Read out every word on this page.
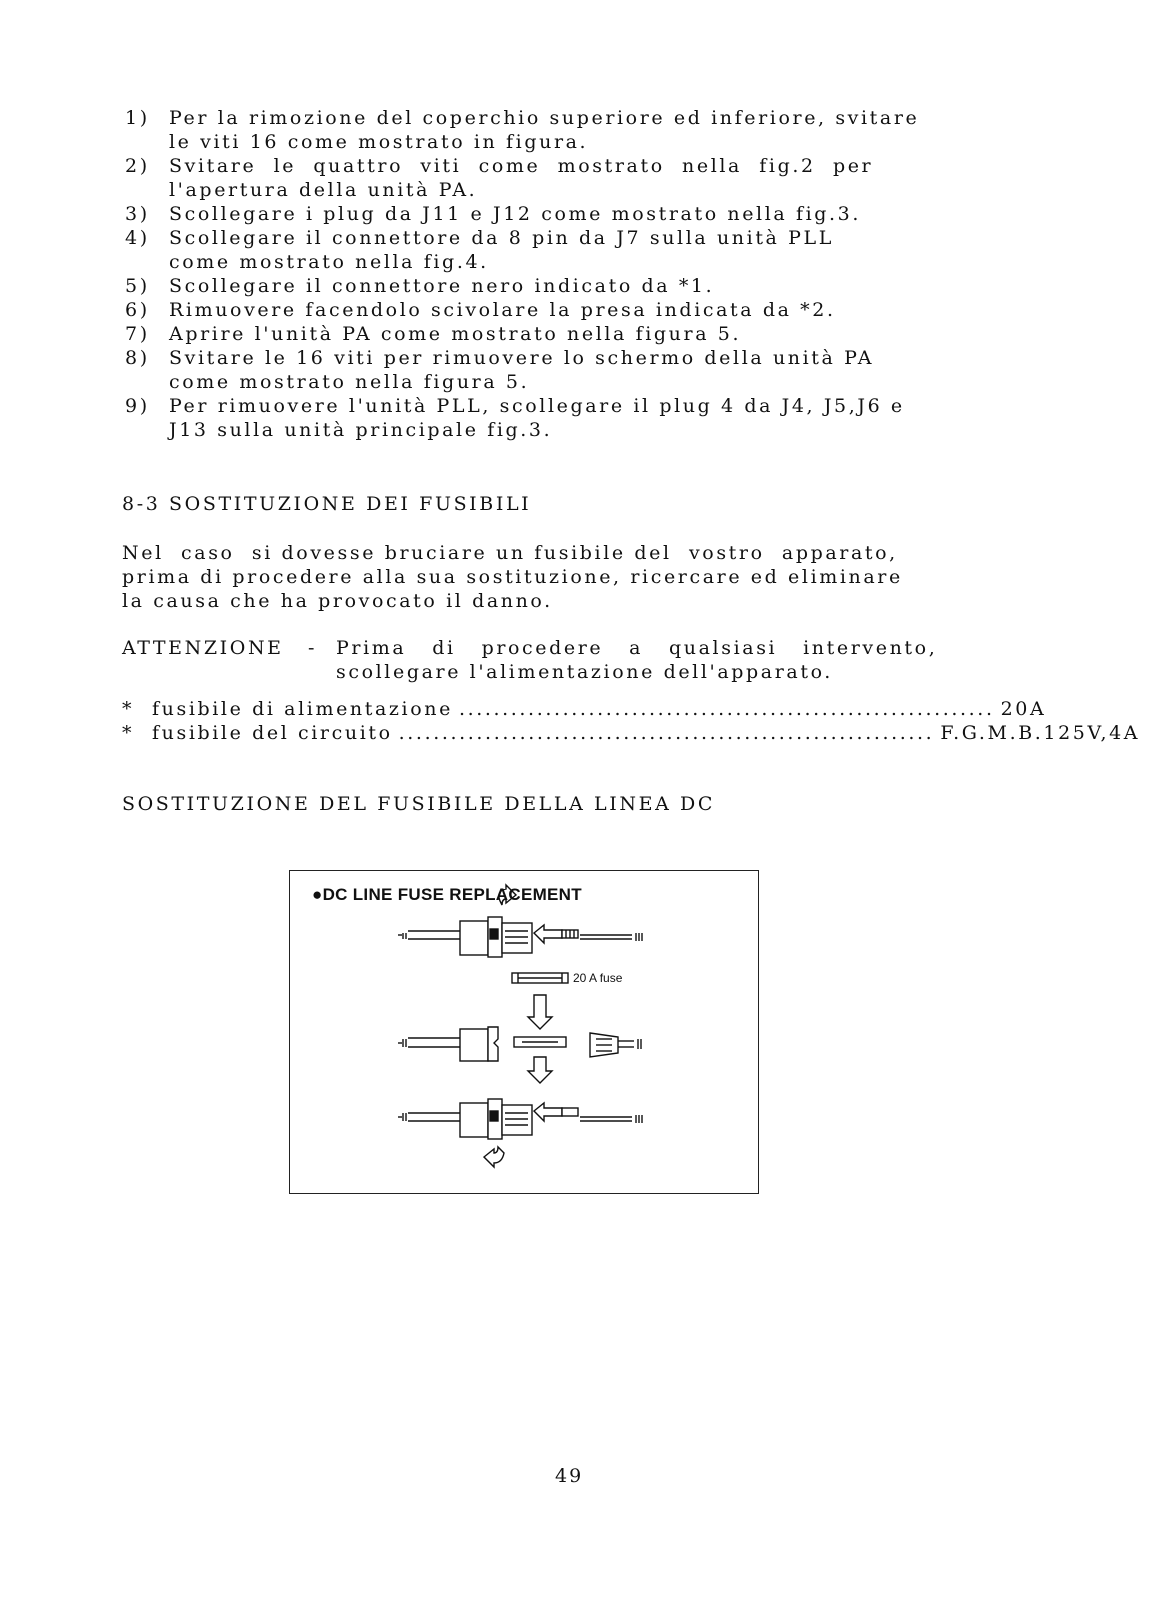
1)	Per la rimozione del coperchio superiore ed inferiore, svitare
le viti 16 come mostrato in figura.
2)	Svitare  le  quattro  viti  come  mostrato  nella  fig.2  per
l'apertura della unità PA.
3)	Scollegare i plug da J11 e J12 come mostrato nella fig.3.
4)	Scollegare il connettore da 8 pin da J7 sulla unità PLL
come mostrato nella fig.4.
5)	Scollegare il connettore nero indicato da *1.
6)	Rimuovere facendolo scivolare la presa indicata da *2.
7)	Aprire l'unità PA come mostrato nella figura 5.
8)	Svitare le 16 viti per rimuovere lo schermo della unità PA
come mostrato nella figura 5.
9)	Per rimuovere l'unità PLL, scollegare il plug 4 da J4, J5,J6 e
J13 sulla unità principale fig.3.
8-3 SOSTITUZIONE DEI FUSIBILI
Nel  caso  si dovesse bruciare un fusibile del  vostro  apparato,
prima di procedere alla sua sostituzione, ricercare ed eliminare
la causa che ha provocato il danno.
ATTENZIONE	- Prima   di   procedere   a   qualsiasi   intervento,
scollegare l'alimentazione dell'apparato.
* fusibile di alimentazione .............................................................. 20A
* fusibile del circuito .............................................................. F.G.M.B.125V,4A
SOSTITUZIONE DEL FUSIBILE DELLA LINEA DC
●DC LINE FUSE REPLACEMENT
20 A fuse
49
